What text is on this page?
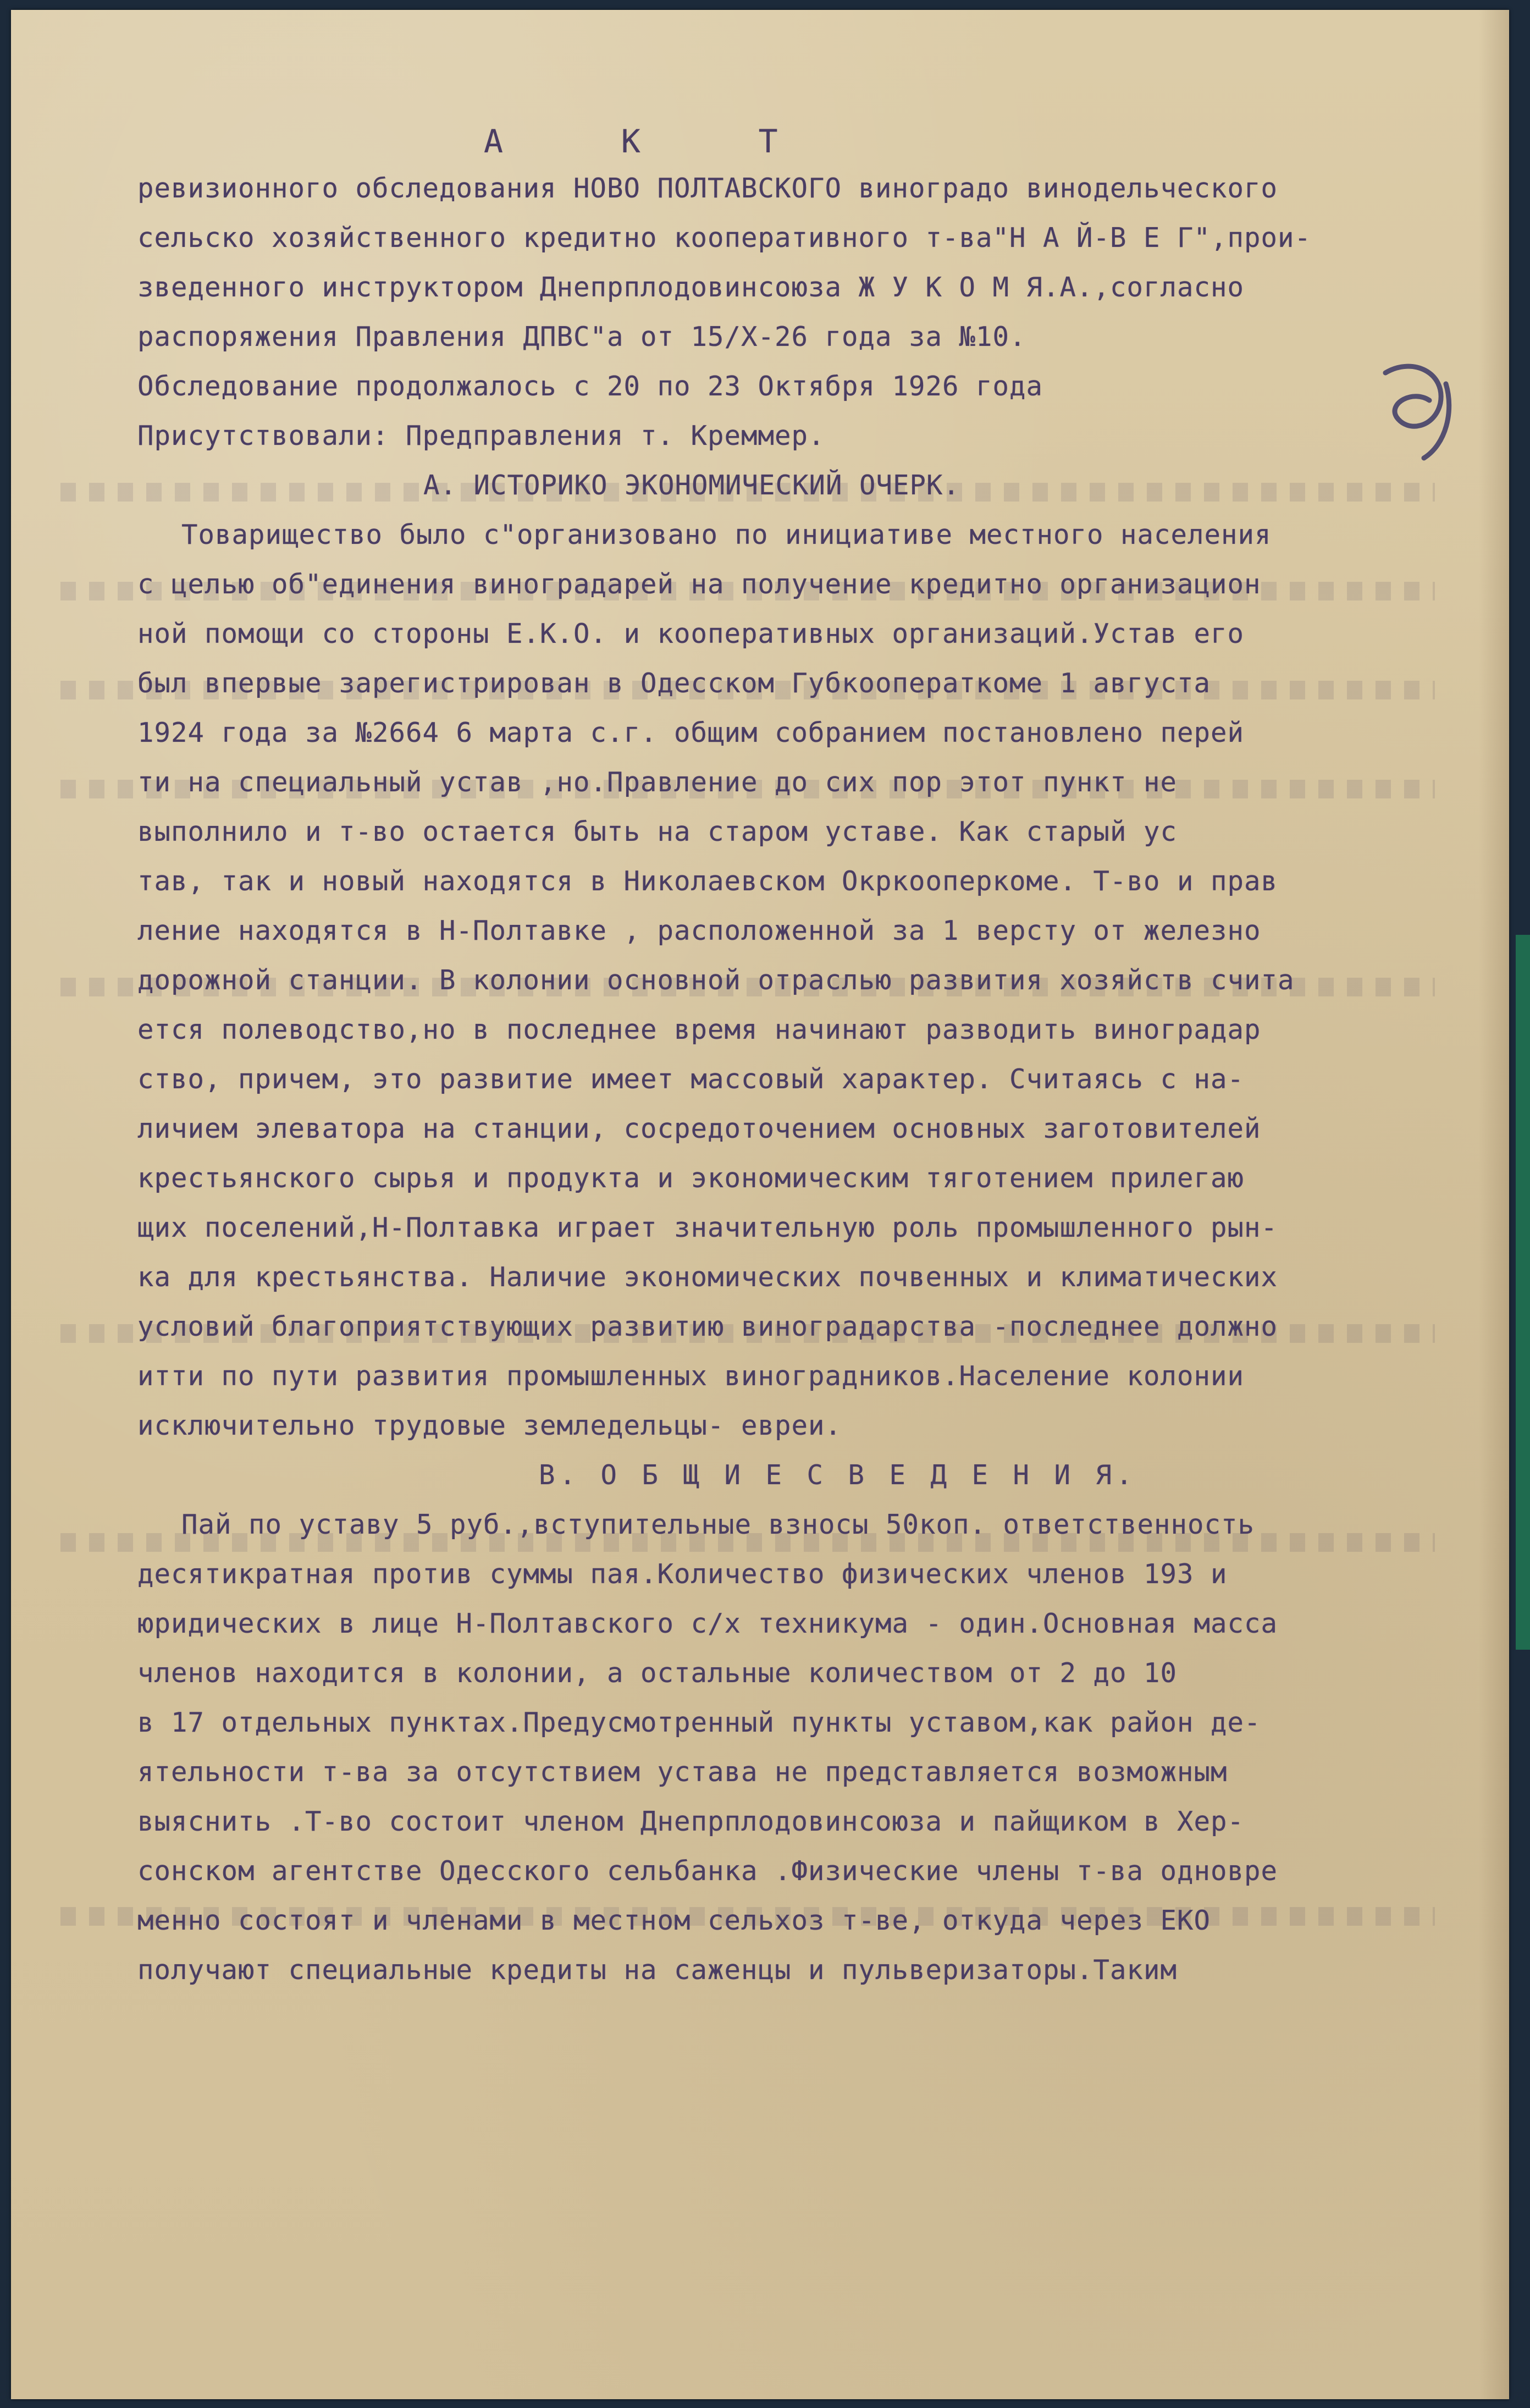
А К Т
ревизионного обследования НОВО ПОЛТАВСКОГО виноградо винодельческого
сельско хозяйственного кредитно кооперативного т-ва"Н А Й-В Е Г",прои-
зведенного инструктором Днепрплодовинсоюза Ж У К О М Я.А.,согласно
распоряжения Правления ДПВС"а от 15/Х-26 года за №10.
Обследование продолжалось с 20 по 23 Октября 1926 года
Присутствовали: Предправления т. Креммер.
А. ИСТОРИКО ЭКОНОМИЧЕСКИЙ ОЧЕРК.
Товарищество было с"организовано по инициативе местного населения
с целью об"единения виноградарей на получение кредитно организацион
ной помощи со стороны Е.К.О. и кооперативных организаций.Устав его
был впервые зарегистрирован в Одесском Губкооператкоме 1 августа
1924 года за №2664 6 марта с.г. общим собранием постановлено перей
ти на специальный устав ,но.Правление до сих пор этот пункт не
выполнило и т-во остается быть на старом уставе. Как старый ус
тав, так и новый находятся в Николаевском Окркооперкоме. Т-во и прав
ление находятся в Н-Полтавке , расположенной за 1 версту от железно
дорожной станции. В колонии основной отраслью развития хозяйств счита
ется полеводство,но в последнее время начинают разводить виноградар
ство, причем, это развитие имеет массовый характер. Считаясь с на-
личием элеватора на станции, сосредоточением основных заготовителей
крестьянского сырья и продукта и экономическим тяготением прилегаю
щих поселений,Н-Полтавка играет значительную роль промышленного рын-
ка для крестьянства. Наличие экономических почвенных и климатических
условий благоприятствующих развитию виноградарства -последнее должно
итти по пути развития промышленных виноградников.Население колонии
исключительно трудовые земледельцы- евреи.
В. О Б Щ И Е С В Е Д Е Н И Я.
Пай по уставу 5 руб.,вступительные взносы 50коп. ответственность
десятикратная против суммы пая.Количество физических членов 193 и
юридических в лице Н-Полтавского с/х техникума - один.Основная масса
членов находится в колонии, а остальные количеством от 2 до 10
в 17 отдельных пунктах.Предусмотренный пункты уставом,как район де-
ятельности т-ва за отсутствием устава не представляется возможным
выяснить .Т-во состоит членом Днепрплодовинсоюза и пайщиком в Хер-
сонском агентстве Одесского сельбанка .Физические члены т-ва одновре
менно состоят и членами в местном сельхоз т-ве, откуда через ЕКО
получают специальные кредиты на саженцы и пульверизаторы.Таким
